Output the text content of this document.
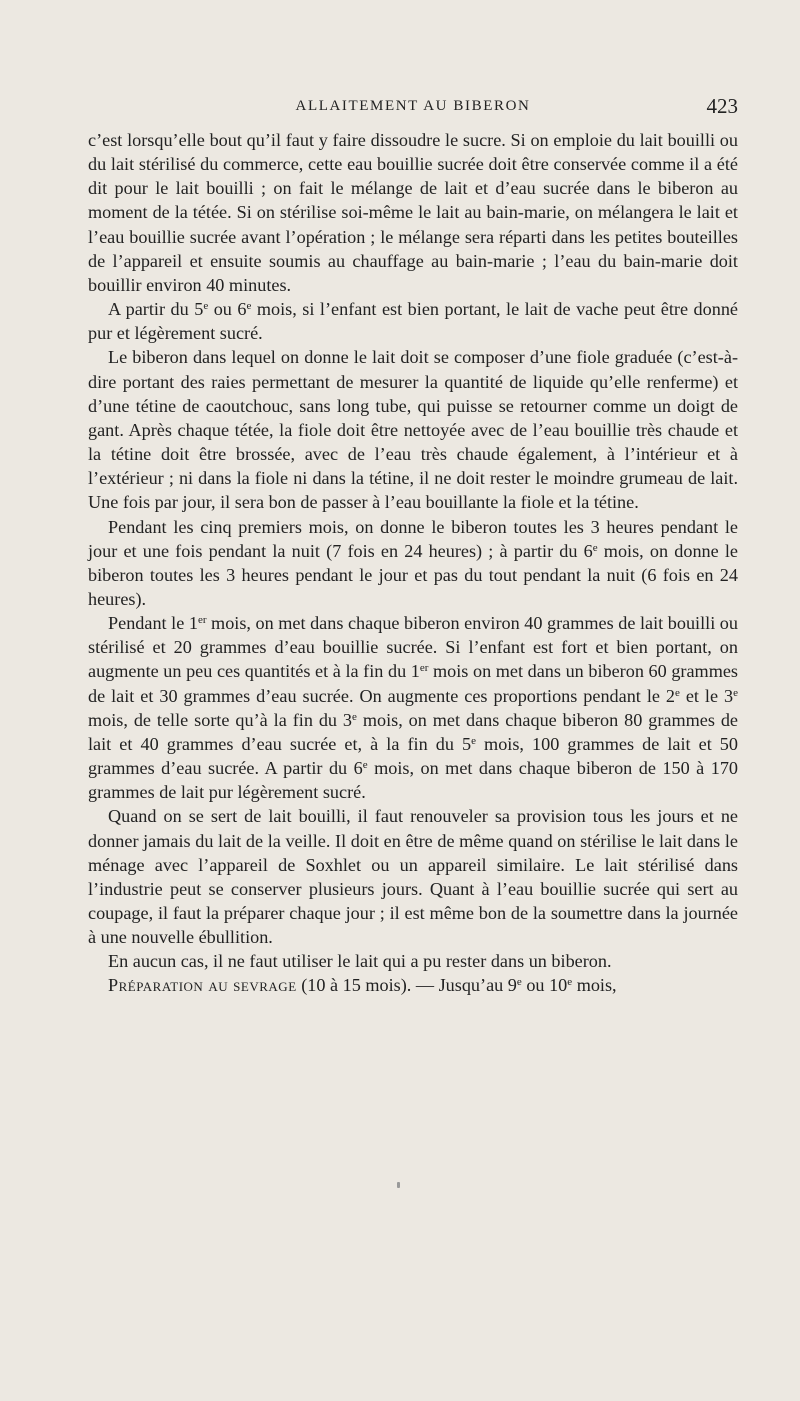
ALLAITEMENT AU BIBERON	423

c’est lorsqu’elle bout qu’il faut y faire dissoudre le sucre. Si on emploie du lait bouilli ou du lait stérilisé du commerce, cette eau bouillie sucrée doit être conservée comme il a été dit pour le lait bouilli ; on fait le mélange de lait et d’eau sucrée dans le biberon au moment de la tétée. Si on stérilise soi-même le lait au bain-marie, on mélangera le lait et l’eau bouillie sucrée avant l’opération ; le mélange sera réparti dans les petites bouteilles de l’appareil et ensuite soumis au chauffage au bain-marie ; l’eau du bain-marie doit bouillir environ 40 minutes.

A partir du 5e ou 6e mois, si l’enfant est bien portant, le lait de vache peut être donné pur et légèrement sucré.

Le biberon dans lequel on donne le lait doit se composer d’une fiole graduée (c’est-à-dire portant des raies permettant de mesurer la quantité de liquide qu’elle renferme) et d’une tétine de caoutchouc, sans long tube, qui puisse se retourner comme un doigt de gant. Après chaque tétée, la fiole doit être nettoyée avec de l’eau bouillie très chaude et la tétine doit être brossée, avec de l’eau très chaude également, à l’intérieur et à l’extérieur ; ni dans la fiole ni dans la tétine, il ne doit rester le moindre grumeau de lait. Une fois par jour, il sera bon de passer à l’eau bouillante la fiole et la tétine.

Pendant les cinq premiers mois, on donne le biberon toutes les 3 heures pendant le jour et une fois pendant la nuit (7 fois en 24 heures) ; à partir du 6e mois, on donne le biberon toutes les 3 heures pendant le jour et pas du tout pendant la nuit (6 fois en 24 heures).

Pendant le 1er mois, on met dans chaque biberon environ 40 grammes de lait bouilli ou stérilisé et 20 grammes d’eau bouillie sucrée. Si l’enfant est fort et bien portant, on augmente un peu ces quantités et à la fin du 1er mois on met dans un biberon 60 grammes de lait et 30 grammes d’eau sucrée. On augmente ces proportions pendant le 2e et le 3e mois, de telle sorte qu’à la fin du 3e mois, on met dans chaque biberon 80 grammes de lait et 40 grammes d’eau sucrée et, à la fin du 5e mois, 100 grammes de lait et 50 grammes d’eau sucrée. A partir du 6e mois, on met dans chaque biberon de 150 à 170 grammes de lait pur légèrement sucré.

Quand on se sert de lait bouilli, il faut renouveler sa provision tous les jours et ne donner jamais du lait de la veille. Il doit en être de même quand on stérilise le lait dans le ménage avec l’appareil de Soxhlet ou un appareil similaire. Le lait stérilisé dans l’industrie peut se conserver plusieurs jours. Quant à l’eau bouillie sucrée qui sert au coupage, il faut la préparer chaque jour ; il est même bon de la soumettre dans la journée à une nouvelle ébullition.

En aucun cas, il ne faut utiliser le lait qui a pu rester dans un biberon.

Préparation au sevrage (10 à 15 mois). — Jusqu’au 9e ou 10e mois,
